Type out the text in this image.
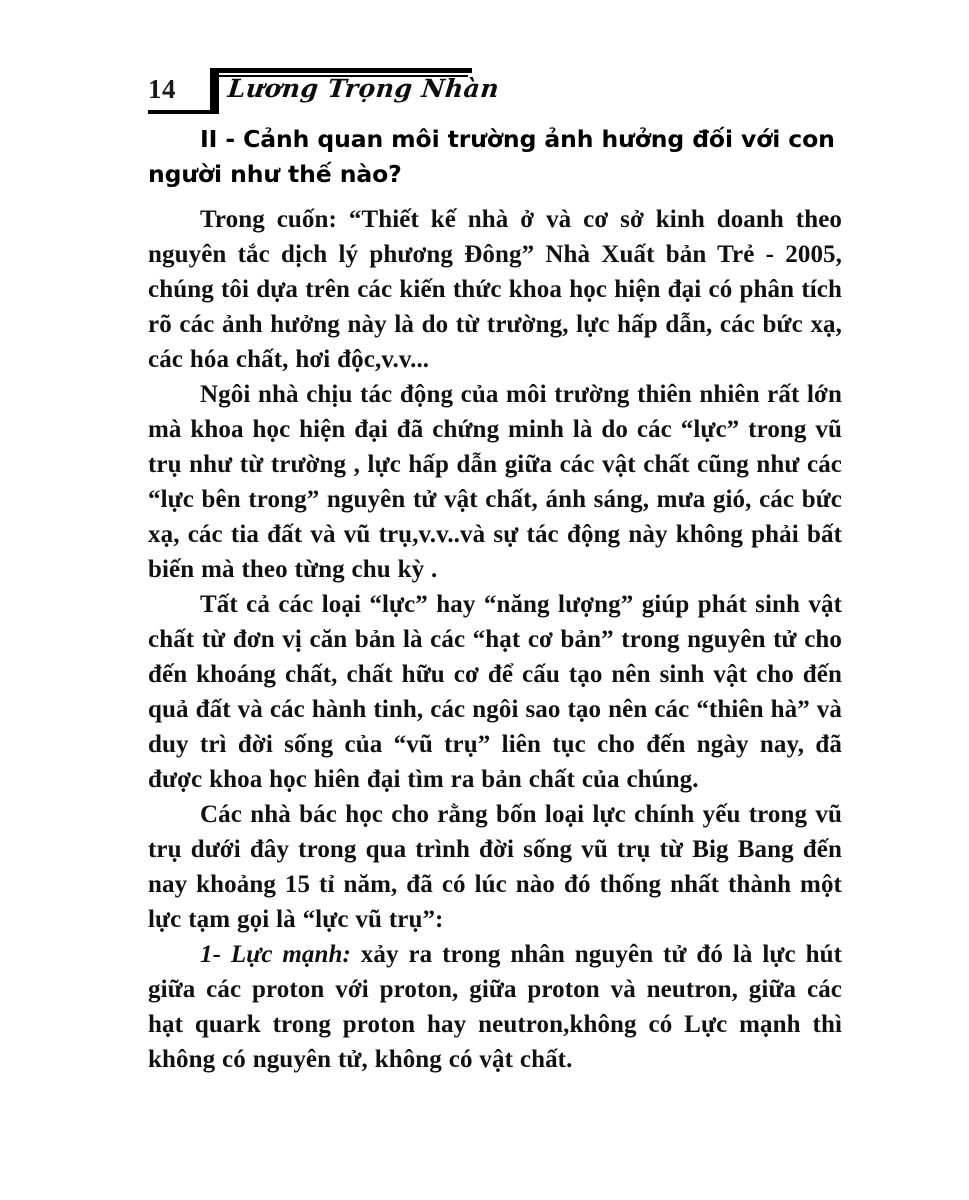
14	Lương Trọng Nhàn
II - Cảnh quan môi trường ảnh hưởng đối với con người như thế nào?

Trong cuốn: “Thiết kế nhà ở và cơ sở kinh doanh theo nguyên tắc dịch lý phương Đông” Nhà Xuất bản Trẻ - 2005, chúng tôi dựa trên các kiến thức khoa học hiện đại có phân tích rõ các ảnh hưởng này là do từ trường, lực hấp dẫn, các bức xạ, các hóa chất, hơi độc,v.v...

Ngôi nhà chịu tác động của môi trường thiên nhiên rất lớn mà khoa học hiện đại đã chứng minh là do các “lực” trong vũ trụ như từ trường , lực hấp dẫn giữa các vật chất cũng như các “lực bên trong” nguyên tử vật chất, ánh sáng, mưa gió, các bức xạ, các tia đất và vũ trụ,v.v..và sự tác động này không phải bất biến mà theo từng chu kỳ .

Tất cả các loại “lực” hay “năng lượng” giúp phát sinh vật chất từ đơn vị căn bản là các “hạt cơ bản” trong nguyên tử cho đến khoáng chất, chất hữu cơ để cấu tạo nên sinh vật cho đến quả đất và các hành tinh, các ngôi sao tạo nên các “thiên hà” và duy trì đời sống của “vũ trụ” liên tục cho đến ngày nay, đã được khoa học hiên đại tìm ra bản chất của chúng.

Các nhà bác học cho rằng bốn loại lực chính yếu trong vũ trụ dưới đây trong qua trình đời sống vũ trụ từ Big Bang đến nay khoảng 15 tỉ năm, đã có lúc nào đó thống nhất thành một lực tạm gọi là “lực vũ trụ”:

1- Lực mạnh: xảy ra trong nhân nguyên tử đó là lực hút giữa các proton với proton, giữa proton và neutron, giữa các hạt quark trong proton hay neutron,không có Lực mạnh thì không có nguyên tử, không có vật chất.
